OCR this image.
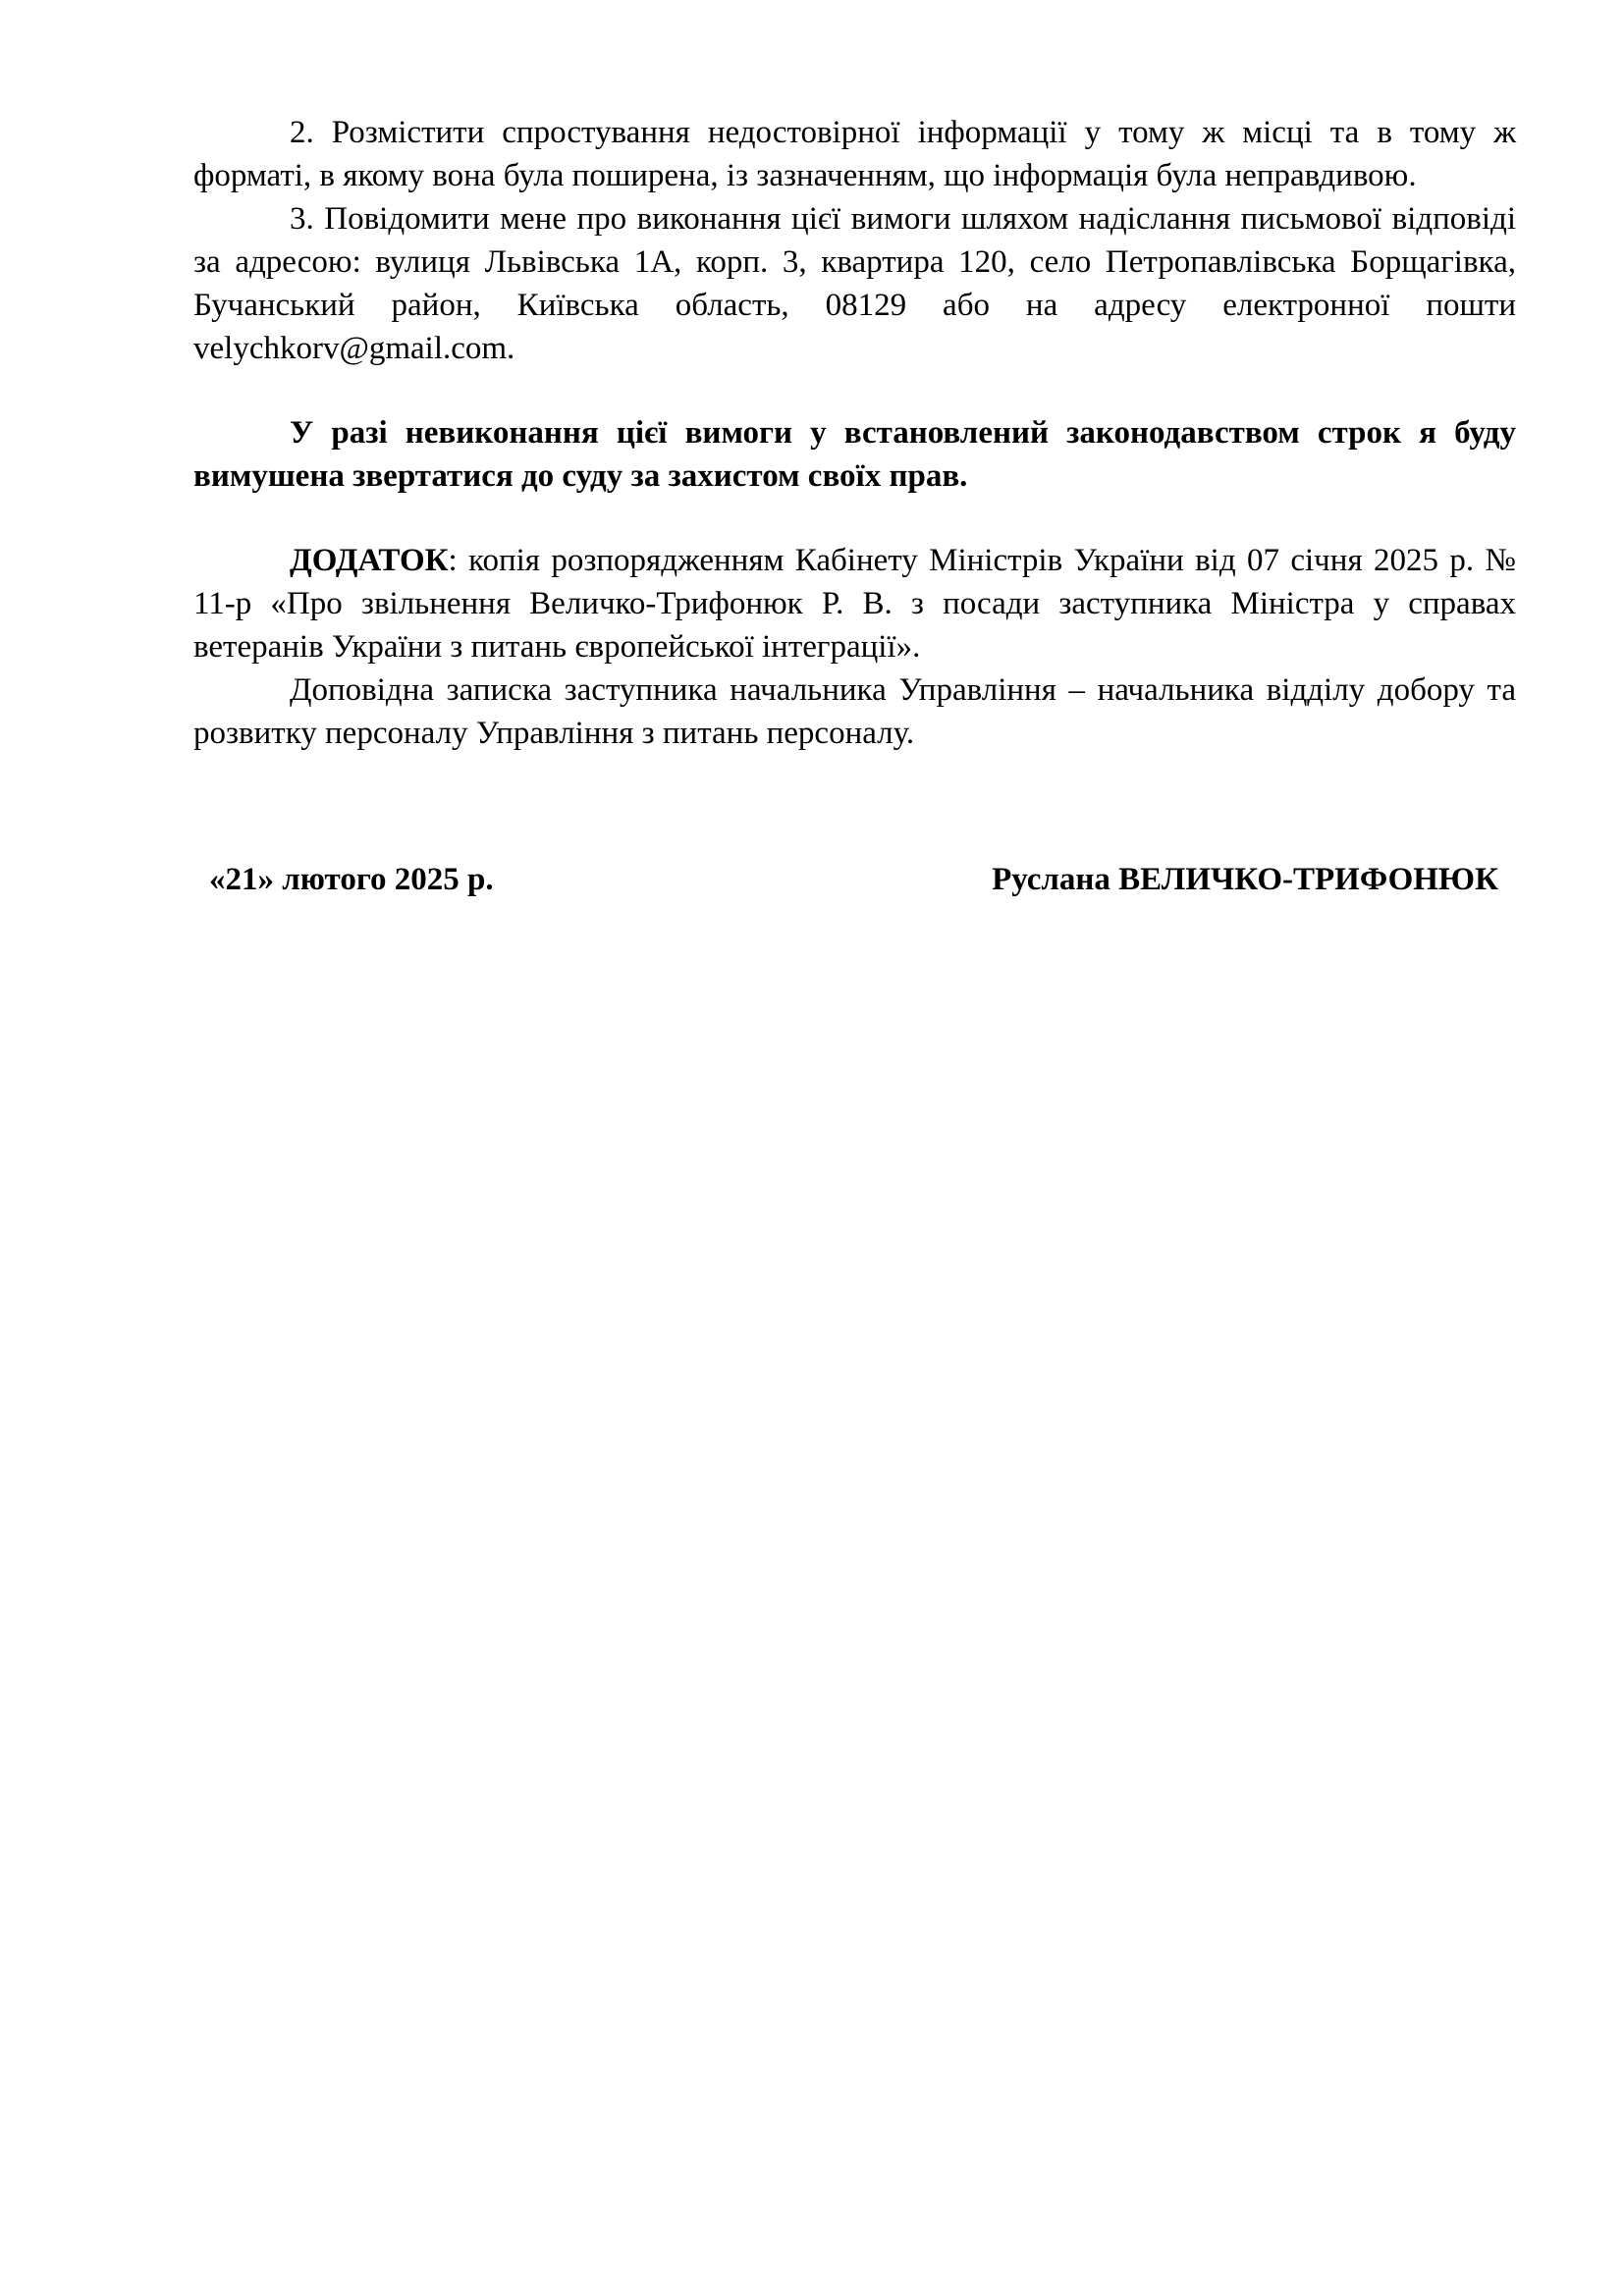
2. Розмістити спростування недостовірної інформації у тому ж місці та в тому ж форматі, в якому вона була поширена, із зазначенням, що інформація була неправдивою.

3. Повідомити мене про виконання цієї вимоги шляхом надіслання письмової відповіді за адресою: вулиця Львівська 1А, корп. 3, квартира 120, село Петропавлівська Борщагівка, Бучанський район, Київська область, 08129 або на адресу електронної пошти velychkorv@gmail.com.

У разі невиконання цієї вимоги у встановлений законодавством строк я буду вимушена звертатися до суду за захистом своїх прав.

ДОДАТОК: копія розпорядженням Кабінету Міністрів України від 07 січня 2025 р. № 11-р «Про звільнення Величко-Трифонюк Р. В. з посади заступника Міністра у справах ветеранів України з питань європейської інтеграції».

Доповідна записка заступника начальника Управління – начальника відділу добору та розвитку персоналу Управління з питань персоналу.

«21» лютого 2025 р.	Руслана ВЕЛИЧКО-ТРИФОНЮК
